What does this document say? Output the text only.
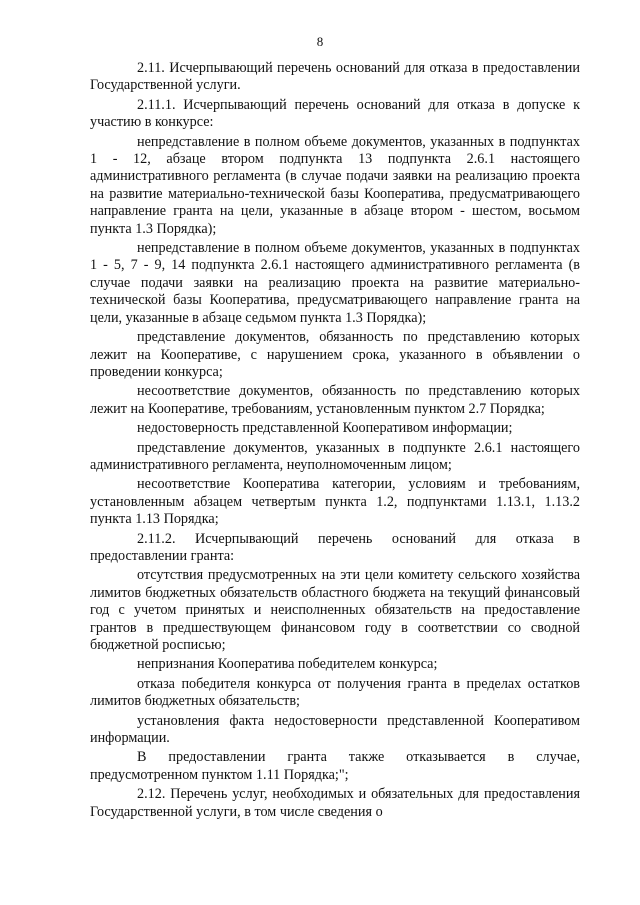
8

2.11. Исчерпывающий перечень оснований для отказа в предоставлении Государственной услуги.

2.11.1. Исчерпывающий перечень оснований для отказа в допуске к участию в конкурсе:

непредставление в полном объеме документов, указанных в подпунктах 1 - 12, абзаце втором подпункта 13 подпункта 2.6.1 настоящего административного регламента (в случае подачи заявки на реализацию проекта на развитие материально-технической базы Кооператива, предусматривающего направление гранта на цели, указанные в абзаце втором - шестом, восьмом пункта 1.3 Порядка);

непредставление в полном объеме документов, указанных в подпунктах 1 - 5, 7 - 9, 14 подпункта 2.6.1 настоящего административного регламента (в случае подачи заявки на реализацию проекта на развитие материально-технической базы Кооператива, предусматривающего направление гранта на цели, указанные в абзаце седьмом пункта 1.3 Порядка);

представление документов, обязанность по представлению которых лежит на Кооперативе, с нарушением срока, указанного в объявлении о проведении конкурса;

несоответствие документов, обязанность по представлению которых лежит на Кооперативе, требованиям, установленным пунктом 2.7 Порядка;

недостоверность представленной Кооперативом информации;

представление документов, указанных в подпункте 2.6.1 настоящего административного регламента, неуполномоченным лицом;

несоответствие Кооператива категории, условиям и требованиям, установленным абзацем четвертым пункта 1.2, подпунктами 1.13.1, 1.13.2 пункта 1.13 Порядка;

2.11.2. Исчерпывающий перечень оснований для отказа в предоставлении гранта:

отсутствия предусмотренных на эти цели комитету сельского хозяйства лимитов бюджетных обязательств областного бюджета на текущий финансовый год с учетом принятых и неисполненных обязательств на предоставление грантов в предшествующем финансовом году в соответствии со сводной бюджетной росписью;

непризнания Кооператива победителем конкурса;

отказа победителя конкурса от получения гранта в пределах остатков лимитов бюджетных обязательств;

установления факта недостоверности представленной Кооперативом информации.

В предоставлении гранта также отказывается в случае, предусмотренном пунктом 1.11 Порядка;";

2.12. Перечень услуг, необходимых и обязательных для предоставления Государственной услуги, в том числе сведения о
